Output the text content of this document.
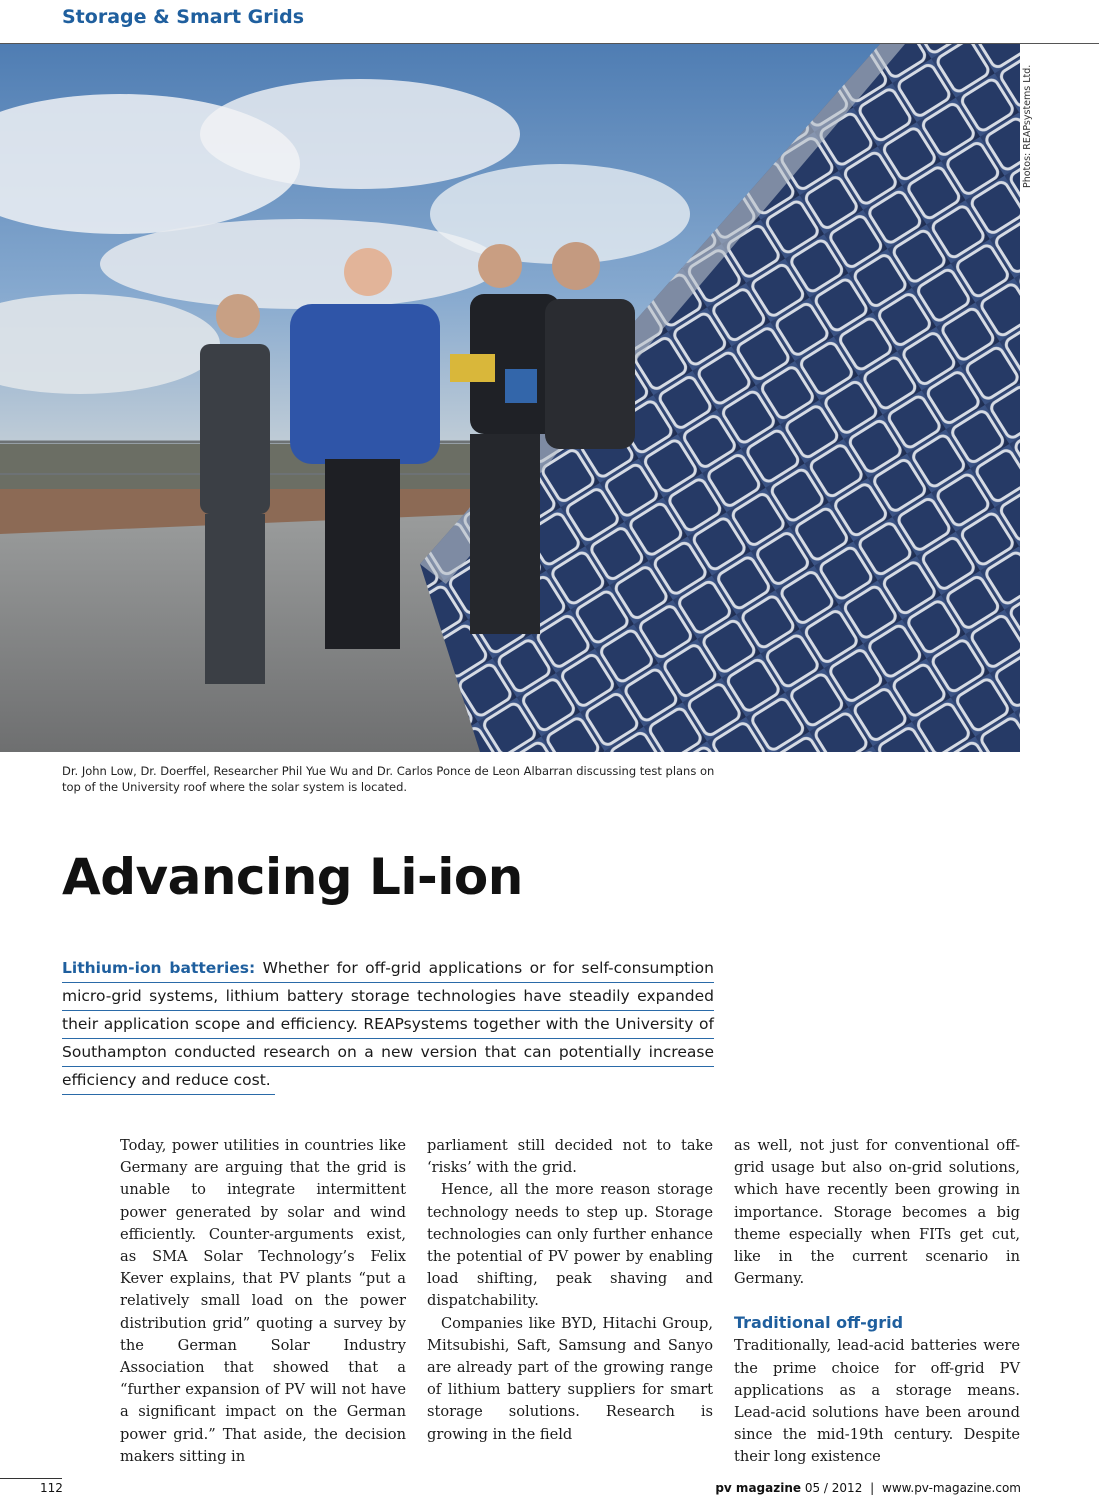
Storage & Smart Grids
Photos: REAPsystems Ltd.
Dr. John Low, Dr. Doerffel, Researcher Phil Yue Wu and Dr. Carlos Ponce de Leon Albarran discussing test plans on top of the University roof where the solar system is located.
Advancing Li-ion
Lithium-ion batteries: Whether for off-grid applications or for self-consumption
micro-grid systems, lithium battery storage technologies have steadily expanded
their application scope and efficiency. REAPsystems together with the University of
Southampton conducted research on a new version that can potentially increase
efficiency and reduce cost.

Today, power utilities in countries like Germany are arguing that the grid is unable to integrate intermittent power generated by solar and wind efficiently. Counter-arguments exist, as SMA Solar Technology’s Felix Kever explains, that PV plants “put a relatively small load on the power distribution grid” quoting a survey by the German Solar Industry Association that showed that a “further expansion of PV will not have a significant impact on the German power grid.” That aside, the decision makers sitting in

parliament still decided not to take ‘risks’ with the grid.

Hence, all the more reason storage technology needs to step up. Storage technologies can only further enhance the potential of PV power by enabling load shifting, peak shaving and dispatchability.

Companies like BYD, Hitachi Group, Mitsubishi, Saft, Samsung and Sanyo are already part of the growing range of lithium battery suppliers for smart storage solutions. Research is growing in the field

as well, not just for conventional off-grid usage but also on-grid solutions, which have recently been growing in importance. Storage becomes a big theme especially when FITs get cut, like in the current scenario in Germany.

Traditional off-grid

Traditionally, lead-acid batteries were the prime choice for off-grid PV applications as a storage means. Lead-acid solutions have been around since the mid-19th century. Despite their long existence

112	pv magazine 05 / 2012 | www.pv-magazine.com
